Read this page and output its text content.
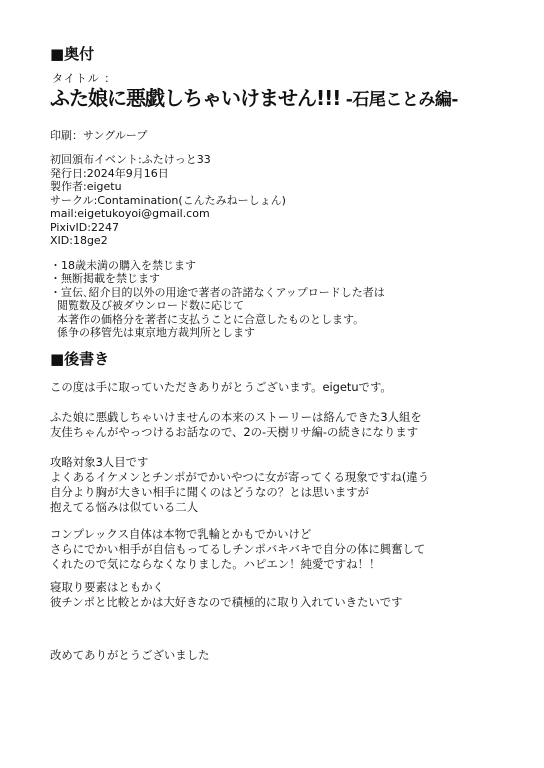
■奥付
タイトル ：
ふた娘に悪戯しちゃいけません!!! -石尾ことみ編-
印刷：サングループ
初回頒布イベント:ふたけっと33
発行日:2024年9月16日
製作者:eigetu
サークル:Contamination(こんたみねーしょん)
mail:eigetukoyoi@gmail.com
PixivID:2247
XID:18ge2
・18歳未満の購入を禁じます
・無断掲載を禁じます
・宣伝､紹介目的以外の用途で著者の許諾なくアップロードした者は
閲覧数及び被ダウンロード数に応じて
本著作の価格分を著者に支払うことに合意したものとします。
係争の移管先は東京地方裁判所とします
■後書き
この度は手に取っていただきありがとうございます。eigetuです。
ふた娘に悪戯しちゃいけませんの本来のストーリーは絡んできた3人組を
友佳ちゃんがやっつけるお話なので、2の-天樹リサ編-の続きになります
攻略対象3人目です
よくあるイケメンとチンポがでかいやつに女が寄ってくる現象ですね(違う
自分より胸が大きい相手に聞くのはどうなの？とは思いますが
抱えてる悩みは似ている二人
コンプレックス自体は本物で乳輪とかもでかいけど
さらにでかい相手が自信もってるしチンポバキバキで自分の体に興奮して
くれたので気にならなくなりました。ハピエン！純愛ですね！！
寝取り要素はともかく
彼チンポと比較とかは大好きなので積極的に取り入れていきたいです
改めてありがとうございました
